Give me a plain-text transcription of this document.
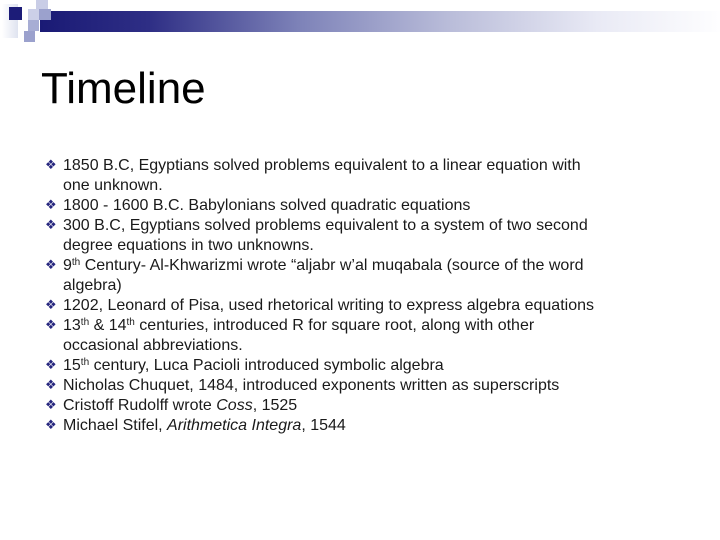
Timeline
❖ 1850 B.C, Egyptians solved problems equivalent to a linear equation with
one unknown.
❖ 1800 - 1600 B.C. Babylonians solved quadratic equations
❖ 300 B.C, Egyptians solved problems equivalent to a system of two second
degree equations in two unknowns.
❖ 9th Century- Al-Khwarizmi wrote “aljabr w’al muqabala (source of the word
algebra)
❖ 1202, Leonard of Pisa, used rhetorical writing to express algebra equations
❖ 13th & 14th centuries, introduced R for square root, along with other
occasional abbreviations.
❖ 15th century, Luca Pacioli introduced symbolic algebra
❖ Nicholas Chuquet, 1484, introduced exponents written as superscripts
❖ Cristoff Rudolff wrote Coss, 1525
❖ Michael Stifel, Arithmetica Integra, 1544
